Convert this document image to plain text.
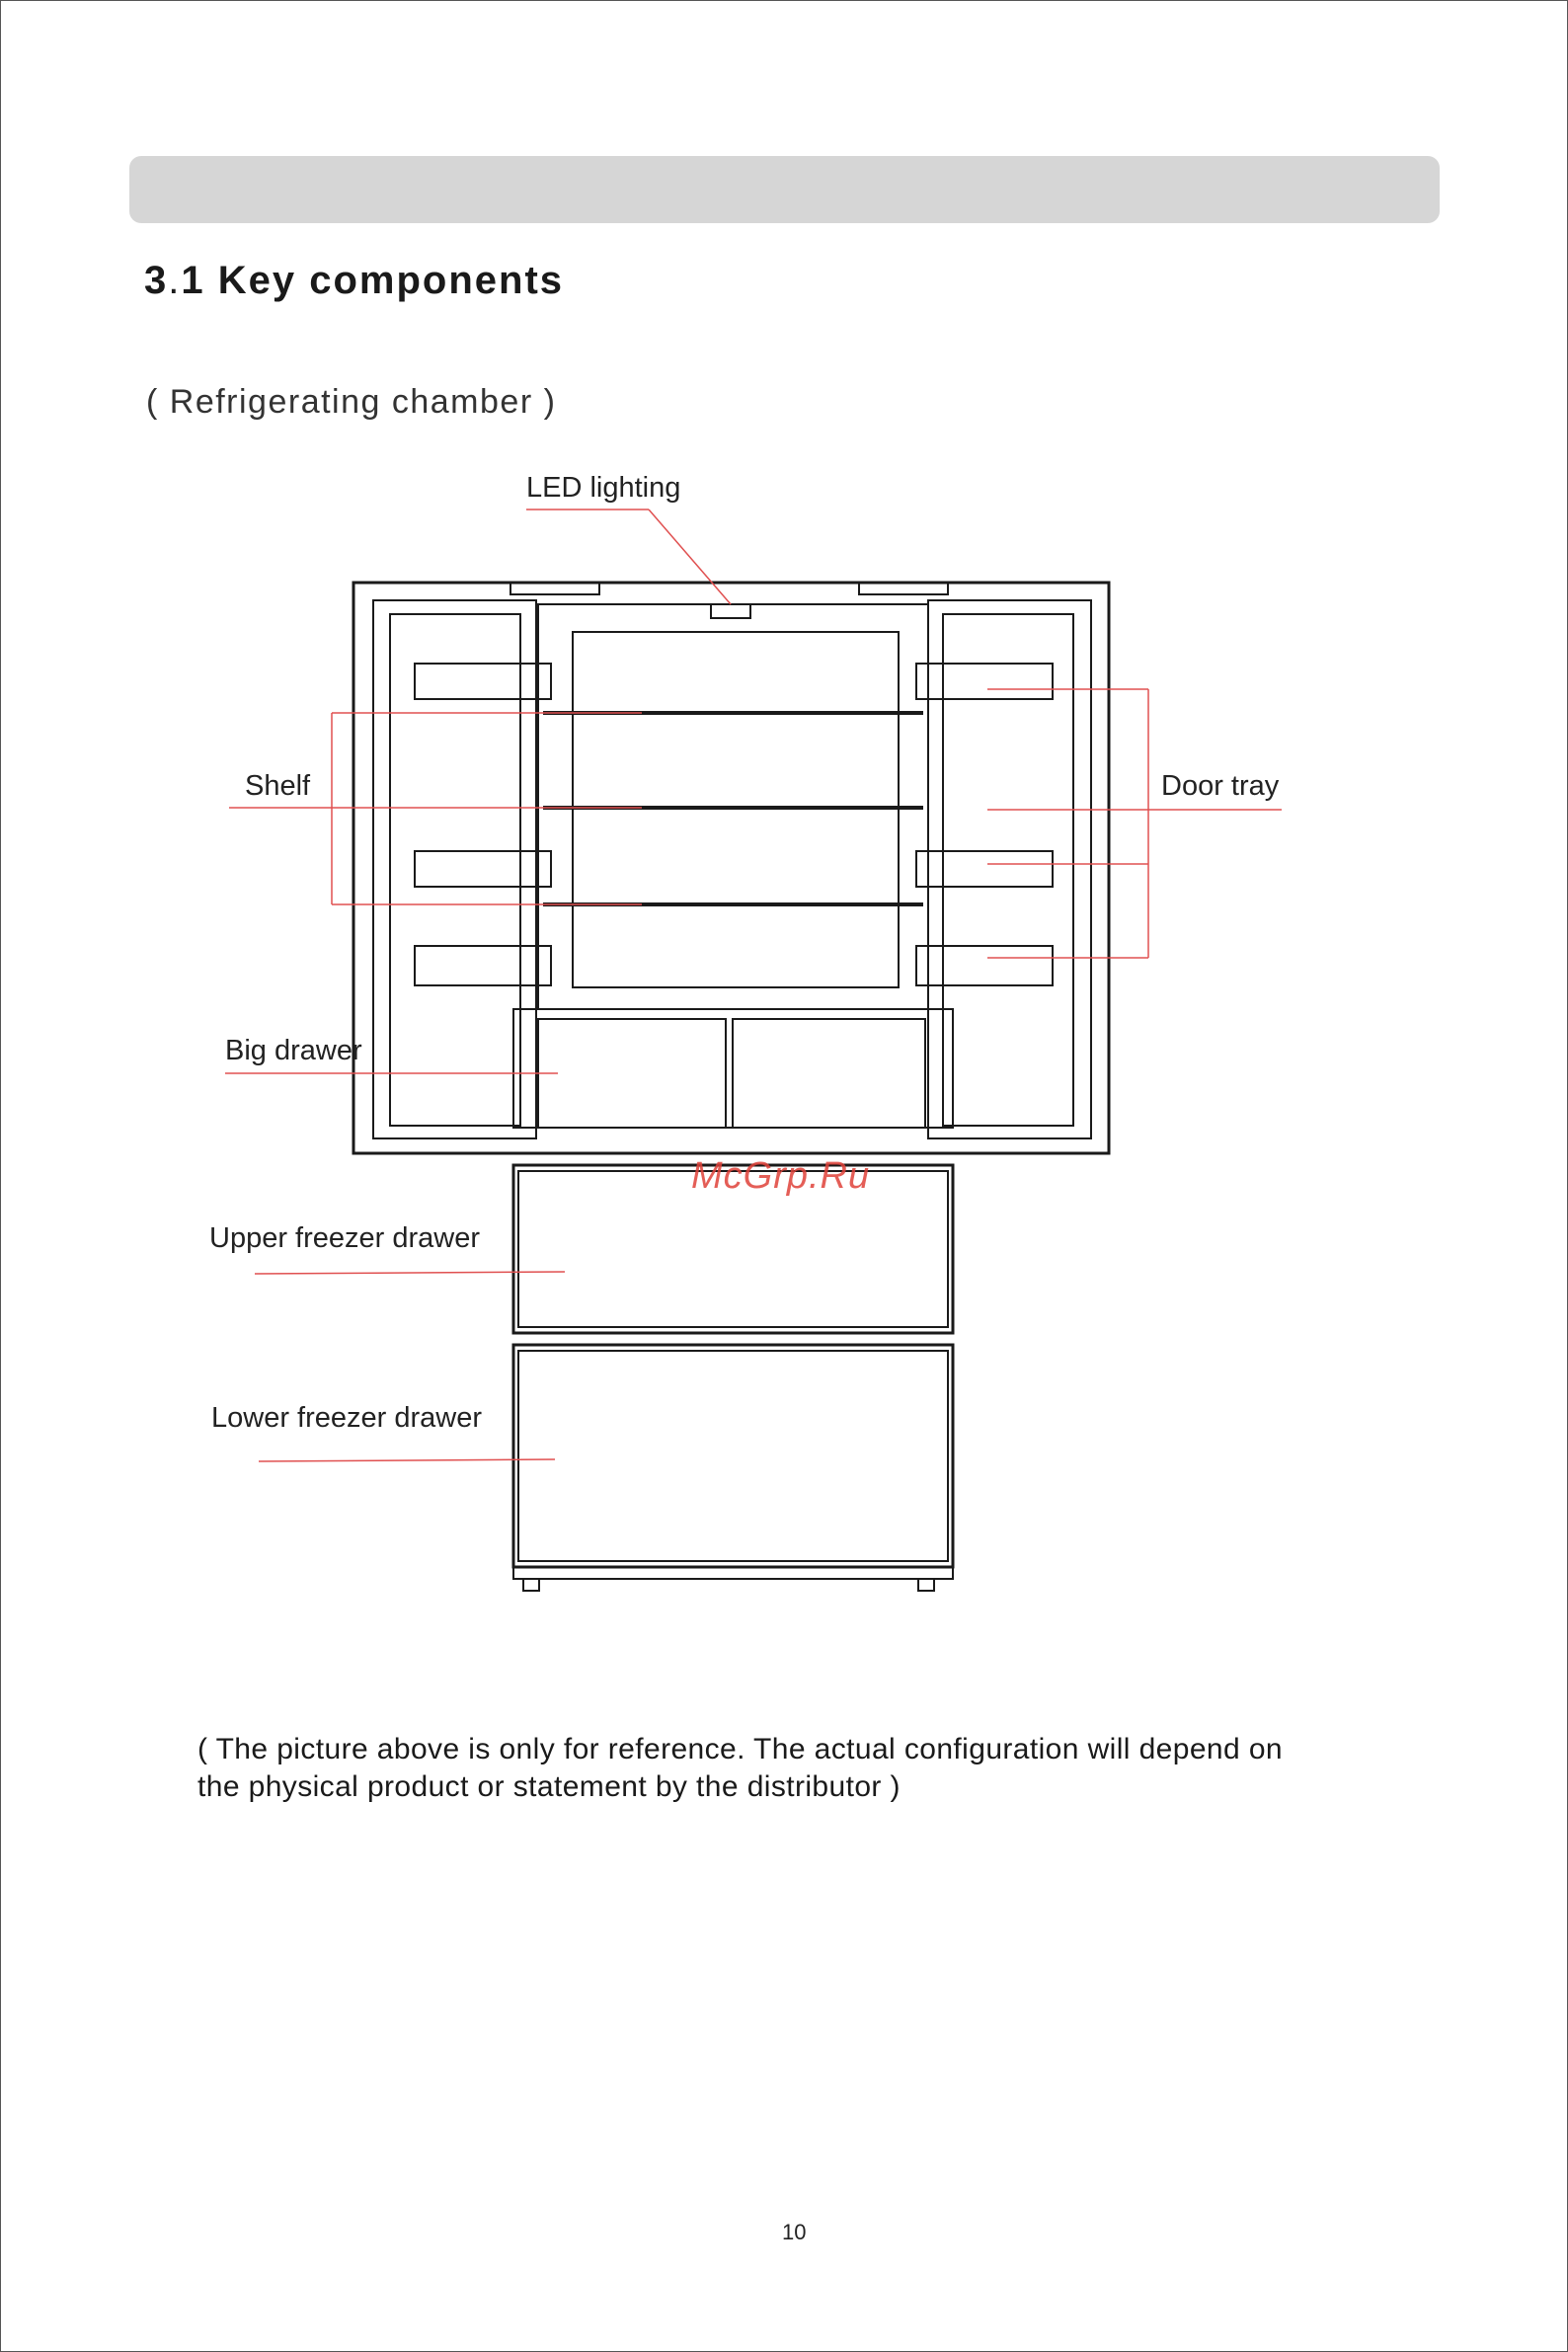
3.1 Key components
( Refrigerating chamber )
LED lighting
Shelf	Door tray
Big drawer
Upper freezer drawer
Lower freezer drawer
McGrp.Ru
( The picture above is only for reference. The actual configuration will depend on
the physical product or statement by the distributor )
10
